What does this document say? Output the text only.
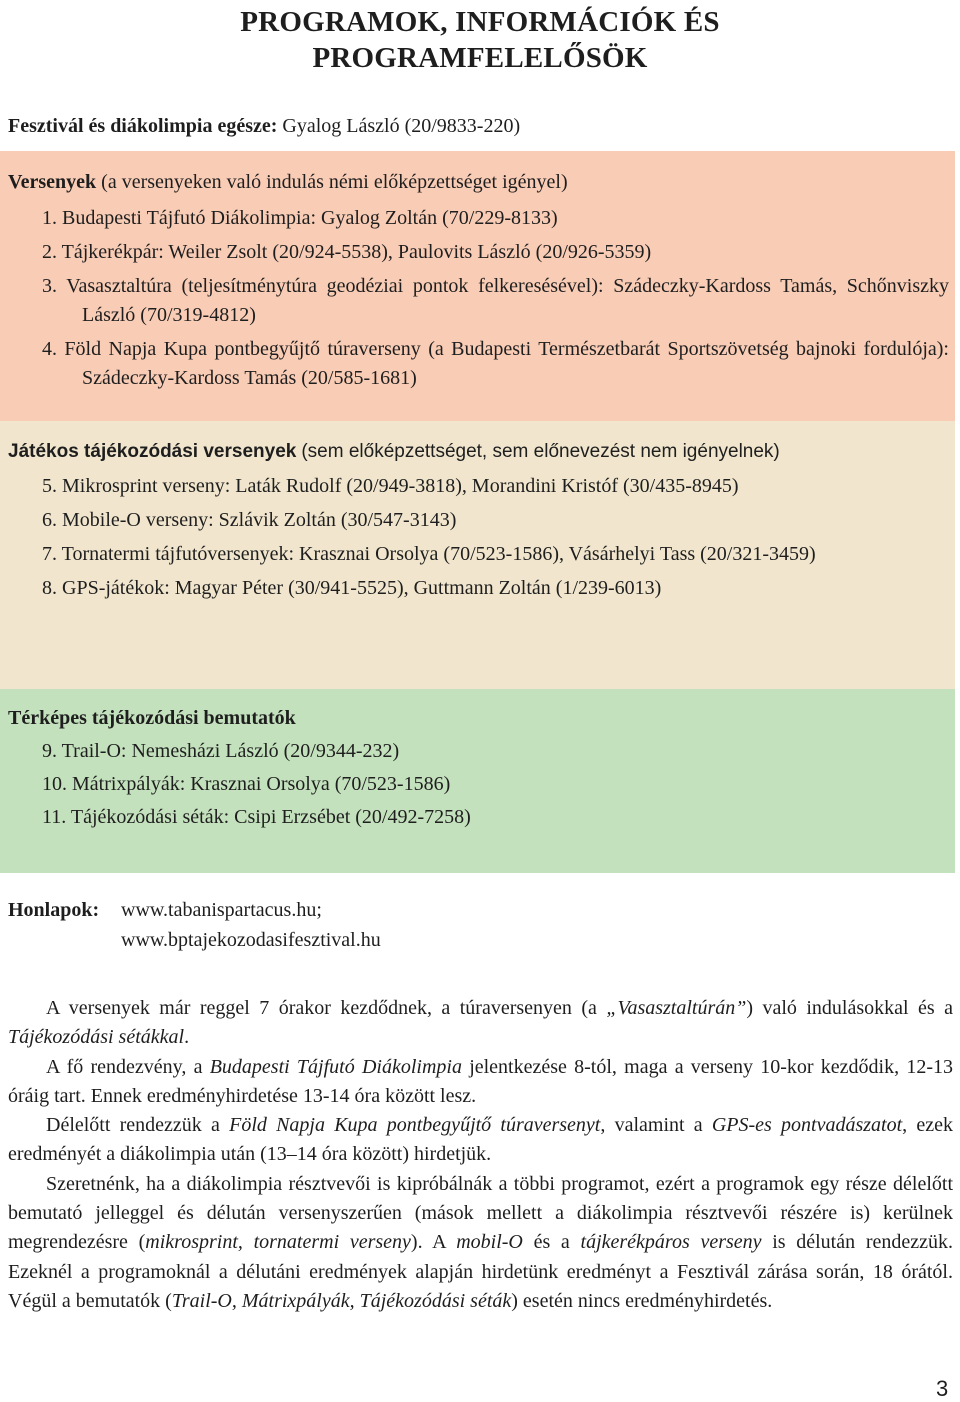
PROGRAMOK, INFORMÁCIÓK ÉS
PROGRAMFELELŐSÖK
Fesztivál és diákolimpia egésze: Gyalog László (20/9833-220)
Versenyek (a versenyeken való indulás némi előképzettséget igényel)
1. Budapesti Tájfutó Diákolimpia: Gyalog Zoltán (70/229-8133)
2. Tájkerékpár: Weiler Zsolt (20/924-5538), Paulovits László (20/926-5359)
3. Vasasztaltúra (teljesítménytúra geodéziai pontok felkeresésével): Szádeczky-Kardoss Tamás, Schőnviszky László (70/319-4812)
4. Föld Napja Kupa pontbegyűjtő túraverseny (a Budapesti Természetbarát Sportszövetség bajnoki fordulója): Szádeczky-Kardoss Tamás (20/585-1681)
Játékos tájékozódási versenyek (sem előképzettséget, sem előnevezést nem igényelnek)
5. Mikrosprint verseny: Laták Rudolf (20/949-3818), Morandini Kristóf (30/435-8945)
6. Mobile-O verseny: Szlávik Zoltán (30/547-3143)
7. Tornatermi tájfutóversenyek: Krasznai Orsolya (70/523-1586), Vásárhelyi Tass (20/321-3459)
8. GPS-játékok: Magyar Péter (30/941-5525), Guttmann Zoltán (1/239-6013)
Térképes tájékozódási bemutatók
9. Trail-O: Nemesházi László (20/9344-232)
10. Mátrixpályák: Krasznai Orsolya (70/523-1586)
11. Tájékozódási séták: Csipi Erzsébet (20/492-7258)
Honlapok:	www.tabanispartacus.hu;
www.bptajekozodasifesztival.hu

A versenyek már reggel 7 órakor kezdődnek, a túraversenyen (a „Vasasztaltúrán”) való indulásokkal és a Tájékozódási sétákkal.

A fő rendezvény, a Budapesti Tájfutó Diákolimpia jelentkezése 8-tól, maga a verseny 10-kor kezdődik, 12-13 óráig tart. Ennek eredményhirdetése 13-14 óra között lesz.

Délelőtt rendezzük a Föld Napja Kupa pontbegyűjtő túraversenyt, valamint a GPS-es pontvadászatot, ezek eredményét a diákolimpia után (13–14 óra között) hirdetjük.

Szeretnénk, ha a diákolimpia résztvevői is kipróbálnák a többi programot, ezért a programok egy része délelőtt bemutató jelleggel és délután versenyszerűen (mások mellett a diákolimpia résztvevői részére is) kerülnek megrendezésre (mikrosprint, tornatermi verseny). A mobil-O és a tájkerékpáros verseny is délután rendezzük. Ezeknél a programoknál a délutáni eredmények alapján hirdetünk eredményt a Fesztivál zárása során, 18 órától. Végül a bemutatók (Trail-O, Mátrixpályák, Tájékozódási séták) esetén nincs eredményhirdetés.

3
